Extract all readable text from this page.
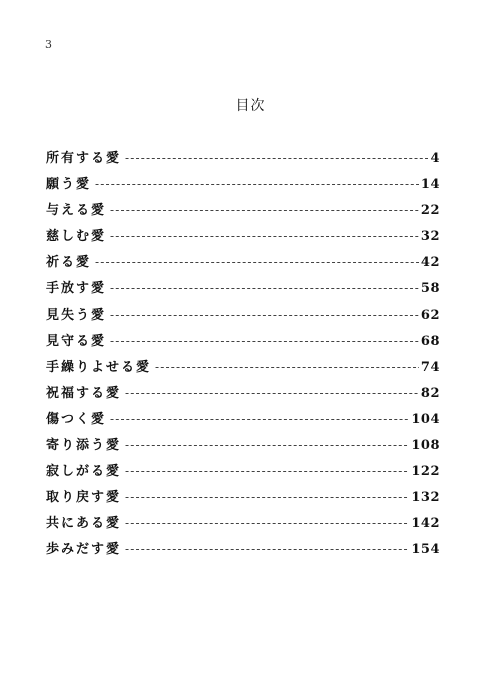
3
目次
所有する愛 -----	4
願う愛 -----	14
与える愛 -----	22
慈しむ愛 -----	32
祈る愛 -----	42
手放す愛 -----	58
見失う愛 -----	62
見守る愛 -----	68
手繰りよせる愛 -----	74
祝福する愛 -----	82
傷つく愛 -----	104
寄り添う愛 -----	108
寂しがる愛 -----	122
取り戻す愛 -----	132
共にある愛 -----	142
歩みだす愛 -----	154
